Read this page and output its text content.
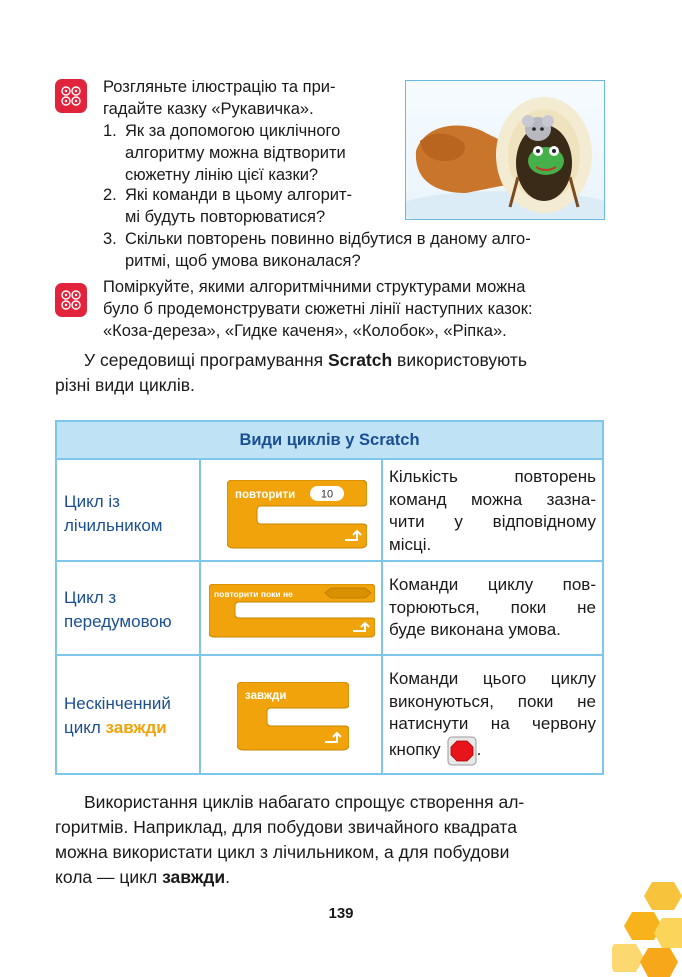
Розгляньте ілюстрацію та при-
гадайте казку «Рукавичка».
1. Як за допомогою циклічного
алгоритму можна відтворити
сюжетну лінію цієї казки?
2. Які команди в цьому алгорит-
мі будуть повторюватися?
3. Скільки повторень повинно відбутися в даному алго-
ритмі, щоб умова виконалася?
Поміркуйте, якими алгоритмічними структурами можна
було б продемонструвати сюжетні лінії наступних казок:
«Коза-дереза», «Гидке каченя», «Колобок», «Ріпка».
У середовищі програмування Scratch використовують
різні види циклів.
Види циклів у Scratch
Цикл із
лічильником
повторити 10
Кількість повторень
команд можна зазна-
чити у відповідному
місці.
Цикл з
передумовою
повторити поки не	Команди циклу пов-
торюються, поки не
буде виконана умова.
Нескінченний
цикл завжди
завжди
Команди цього циклу
виконуються, поки не
натиснути на червону
кнопку .
Використання циклів набагато спрощує створення ал-
горитмів. Наприклад, для побудови звичайного квадрата
можна використати цикл з лічильником, а для побудови
кола — цикл завжди.
139
